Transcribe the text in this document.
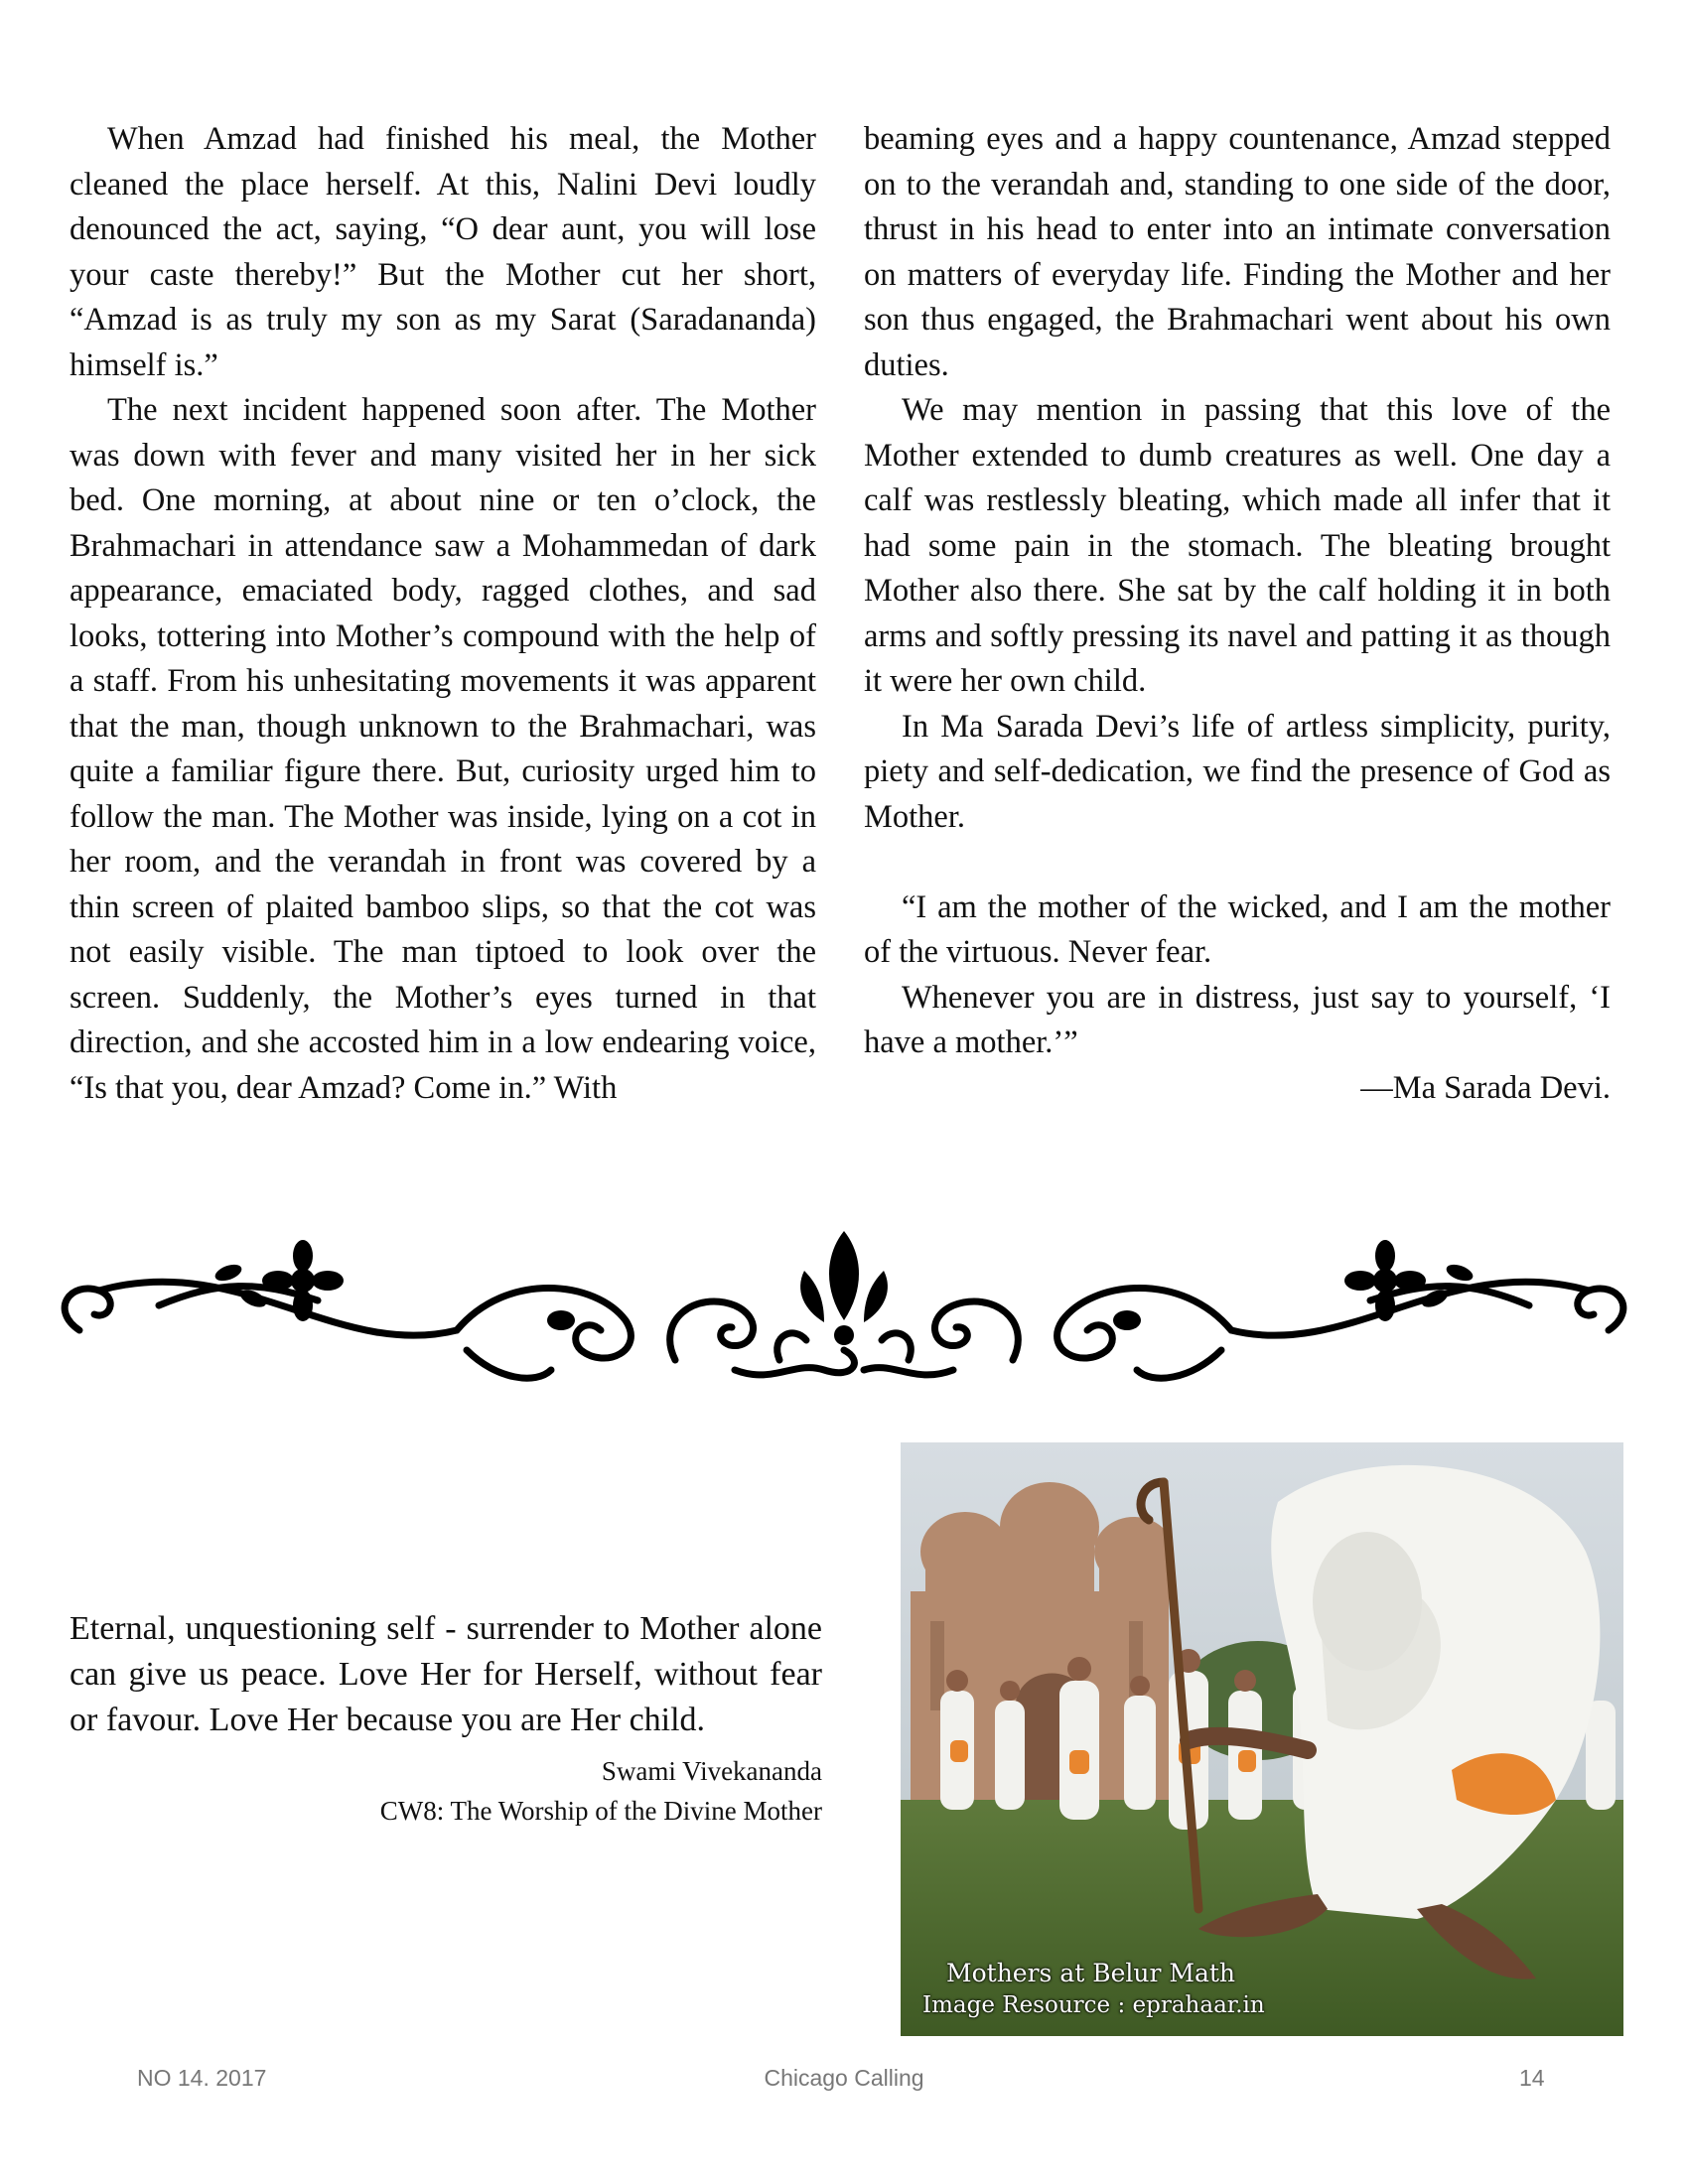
When Amzad had finished his meal, the Mother cleaned the place herself. At this, Nalini Devi loudly denounced the act, saying, “O dear aunt, you will lose your caste thereby!” But the Mother cut her short, “Amzad is as truly my son as my Sarat (Saradananda) himself is.”

The next incident happened soon after. The Mother was down with fever and many visited her in her sick bed. One morning, at about nine or ten o’clock, the Brahmachari in attendance saw a Mohammedan of dark appearance, emaciated body, ragged clothes, and sad looks, tottering into Mother’s compound with the help of a staff. From his unhesitating movements it was apparent that the man, though unknown to the Brahmachari, was quite a familiar figure there. But, curiosity urged him to follow the man. The Mother was inside, lying on a cot in her room, and the verandah in front was covered by a thin screen of plaited bamboo slips, so that the cot was not easily visible. The man tiptoed to look over the screen. Suddenly, the Mother’s eyes turned in that direction, and she accosted him in a low endearing voice, “Is that you, dear Amzad? Come in.” With

beaming eyes and a happy countenance, Amzad stepped on to the verandah and, standing to one side of the door, thrust in his head to enter into an intimate conversation on matters of everyday life. Finding the Mother and her son thus engaged, the Brahmachari went about his own duties.

We may mention in passing that this love of the Mother extended to dumb creatures as well. One day a calf was restlessly bleating, which made all infer that it had some pain in the stomach. The bleating brought Mother also there. She sat by the calf holding it in both arms and softly pressing its navel and patting it as though it were her own child.

In Ma Sarada Devi’s life of artless simplicity, purity, piety and self-dedication, we find the presence of God as Mother.

“I am the mother of the wicked, and I am the mother of the virtuous. Never fear.

Whenever you are in distress, just say to yourself, ‘I have a mother.’”

—Ma Sarada Devi.

Eternal, unquestioning self - surrender to Mother alone can give us peace. Love Her for Herself, without fear or favour. Love Her because you are Her child.

Swami Vivekananda

CW8: The Worship of the Divine Mother

Mothers at Belur Math
Image Resource : eprahaar.in
NO 14. 2017	Chicago Calling	14
